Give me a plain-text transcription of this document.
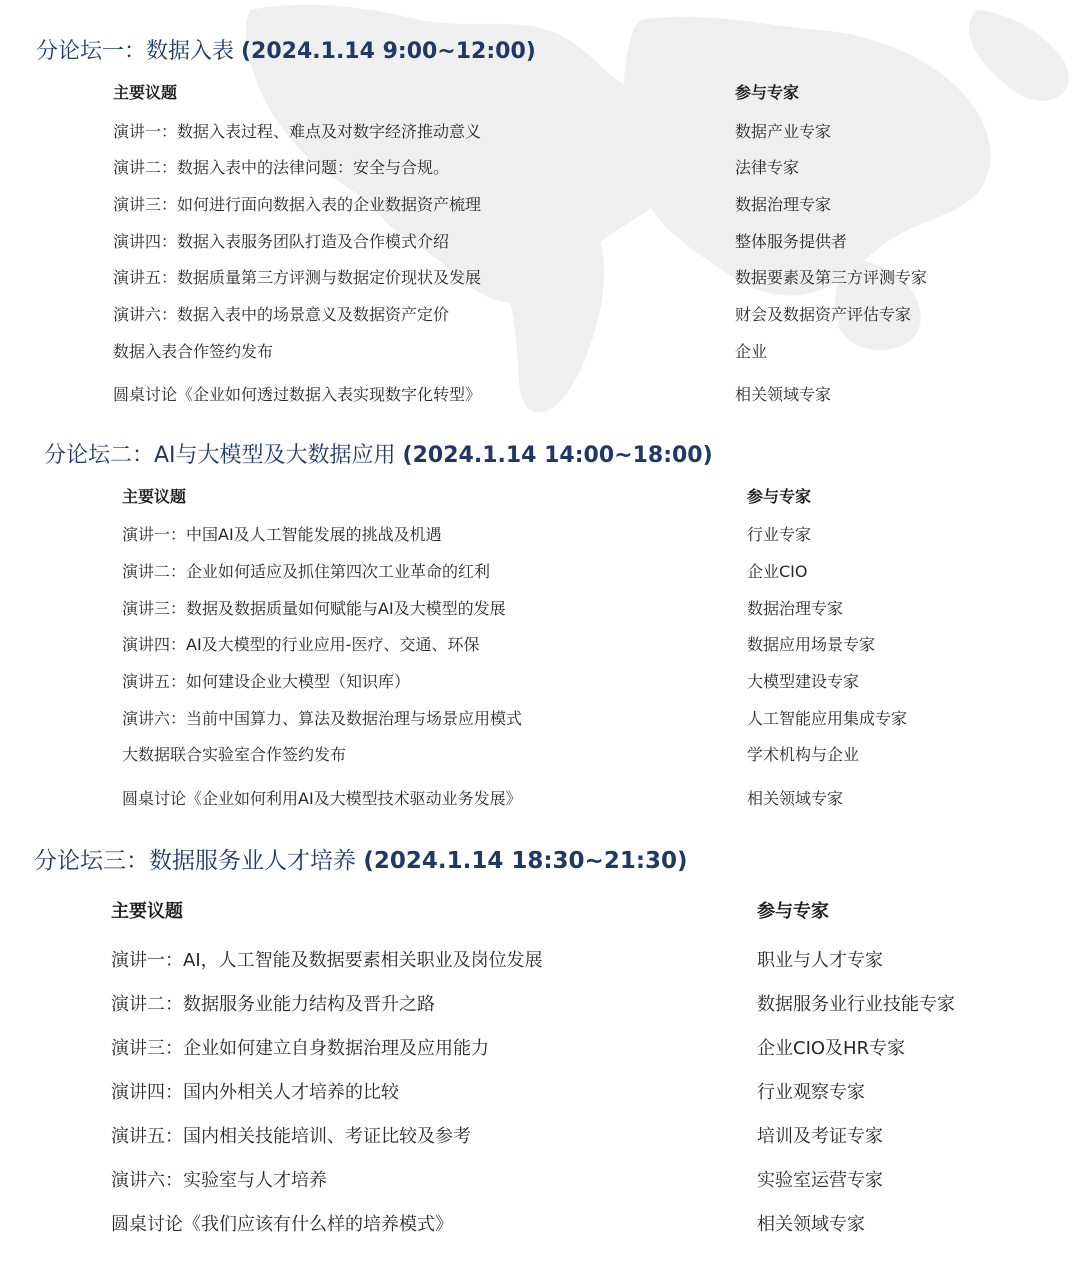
分论坛一：数据入表 (2024.1.14 9:00~12:00)
主要议题	参与专家
演讲一：数据入表过程、难点及对数字经济推动意义	数据产业专家
演讲二：数据入表中的法律问题：安全与合规。	法律专家
演讲三：如何进行面向数据入表的企业数据资产梳理	数据治理专家
演讲四：数据入表服务团队打造及合作模式介绍	整体服务提供者
演讲五：数据质量第三方评测与数据定价现状及发展	数据要素及第三方评测专家
演讲六：数据入表中的场景意义及数据资产定价	财会及数据资产评估专家
数据入表合作签约发布	企业
圆桌讨论《企业如何透过数据入表实现数字化转型》	相关领域专家
分论坛二：AI与大模型及大数据应用 (2024.1.14 14:00~18:00)
主要议题	参与专家
演讲一：中国AI及人工智能发展的挑战及机遇	行业专家
演讲二：企业如何适应及抓住第四次工业革命的红利	企业CIO
演讲三：数据及数据质量如何赋能与AI及大模型的发展	数据治理专家
演讲四：AI及大模型的行业应用-医疗、交通、环保	数据应用场景专家
演讲五：如何建设企业大模型（知识库）	大模型建设专家
演讲六：当前中国算力、算法及数据治理与场景应用模式	人工智能应用集成专家
大数据联合实验室合作签约发布	学术机构与企业
圆桌讨论《企业如何利用AI及大模型技术驱动业务发展》	相关领域专家
分论坛三：数据服务业人才培养 (2024.1.14 18:30~21:30)
主要议题	参与专家
演讲一：AI，人工智能及数据要素相关职业及岗位发展	职业与人才专家
演讲二：数据服务业能力结构及晋升之路	数据服务业行业技能专家
演讲三：企业如何建立自身数据治理及应用能力	企业CIO及HR专家
演讲四：国内外相关人才培养的比较	行业观察专家
演讲五：国内相关技能培训、考证比较及参考	培训及考证专家
演讲六：实验室与人才培养	实验室运营专家
圆桌讨论《我们应该有什么样的培养模式》	相关领域专家
